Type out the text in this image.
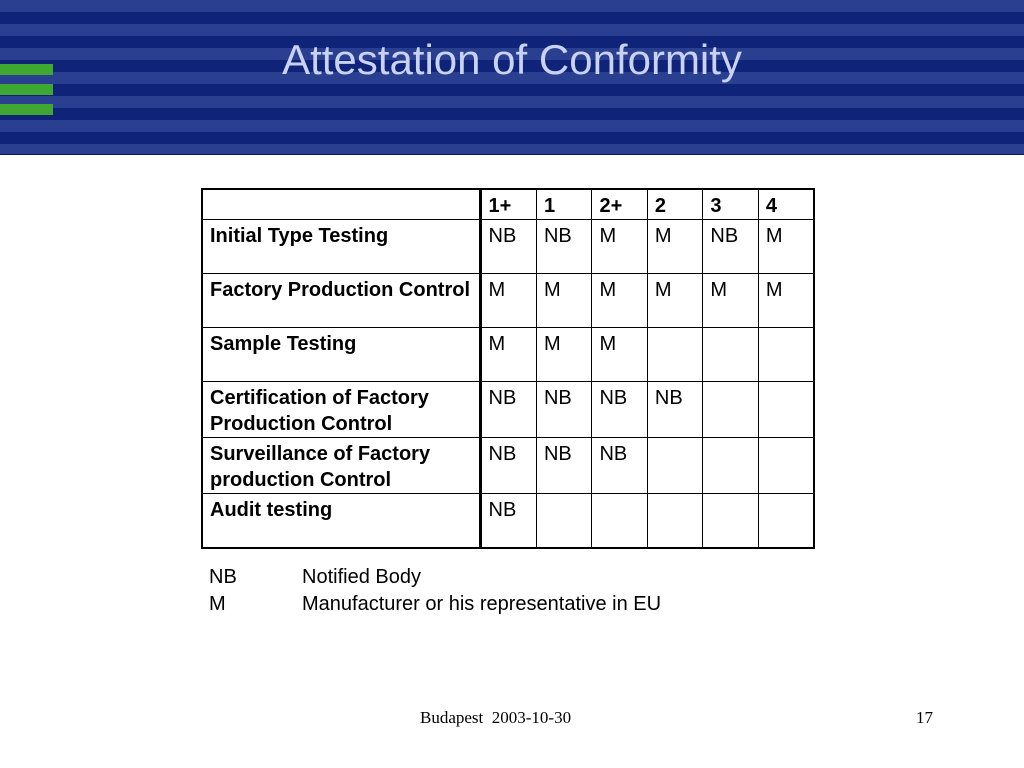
Attestation of Conformity
	1+	1	2+	2	3	4
Initial Type Testing	NB	NB	M	M	NB	M
Factory Production Control	M	M	M	M	M	M
Sample Testing	M	M	M			
Certification of Factory Production Control	NB	NB	NB	NB		
Surveillance of Factory production Control	NB	NB	NB			
Audit testing	NB					
NB	Notified Body
M	Manufacturer or his representative in EU
Budapest  2003-10-30	17
